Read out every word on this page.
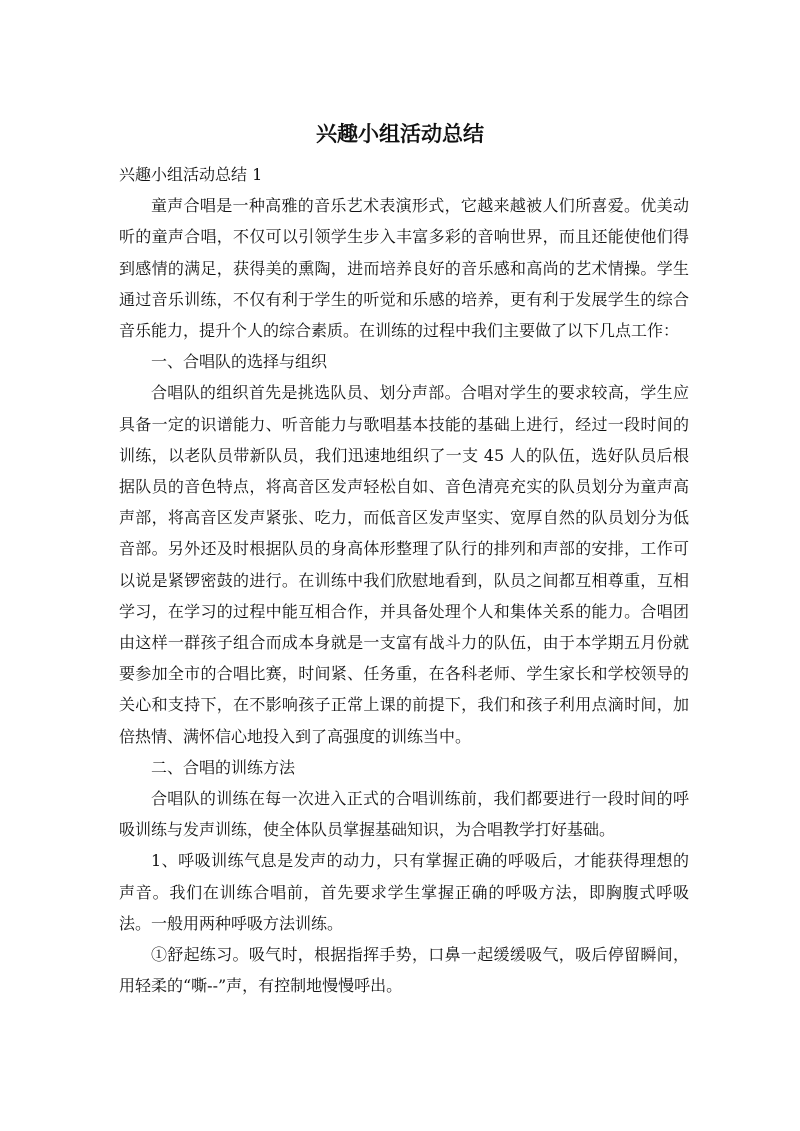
兴趣小组活动总结

兴趣小组活动总结 1

童声合唱是一种高雅的音乐艺术表演形式，它越来越被人们所喜爱。优美动听的童声合唱，不仅可以引领学生步入丰富多彩的音响世界，而且还能使他们得到感情的满足，获得美的熏陶，进而培养良好的音乐感和高尚的艺术情操。学生通过音乐训练，不仅有利于学生的听觉和乐感的培养，更有利于发展学生的综合音乐能力，提升个人的综合素质。在训练的过程中我们主要做了以下几点工作：

一、合唱队的选择与组织

合唱队的组织首先是挑选队员、划分声部。合唱对学生的要求较高，学生应具备一定的识谱能力、听音能力与歌唱基本技能的基础上进行，经过一段时间的训练，以老队员带新队员，我们迅速地组织了一支 45 人的队伍，选好队员后根据队员的音色特点，将高音区发声轻松自如、音色清亮充实的队员划分为童声高声部，将高音区发声紧张、吃力，而低音区发声坚实、宽厚自然的队员划分为低音部。另外还及时根据队员的身高体形整理了队行的排列和声部的安排，工作可以说是紧锣密鼓的进行。在训练中我们欣慰地看到，队员之间都互相尊重，互相学习，在学习的过程中能互相合作，并具备处理个人和集体关系的能力。合唱团由这样一群孩子组合而成本身就是一支富有战斗力的队伍，由于本学期五月份就要参加全市的合唱比赛，时间紧、任务重，在各科老师、学生家长和学校领导的关心和支持下，在不影响孩子正常上课的前提下，我们和孩子利用点滴时间，加倍热情、满怀信心地投入到了高强度的训练当中。

二、合唱的训练方法

合唱队的训练在每一次进入正式的合唱训练前，我们都要进行一段时间的呼吸训练与发声训练，使全体队员掌握基础知识，为合唱教学打好基础。

1、呼吸训练气息是发声的动力，只有掌握正确的呼吸后，才能获得理想的声音。我们在训练合唱前，首先要求学生掌握正确的呼吸方法，即胸腹式呼吸法。一般用两种呼吸方法训练。

①舒起练习。吸气时，根据指挥手势，口鼻一起缓缓吸气，吸后停留瞬间，用轻柔的“嘶--”声，有控制地慢慢呼出。
